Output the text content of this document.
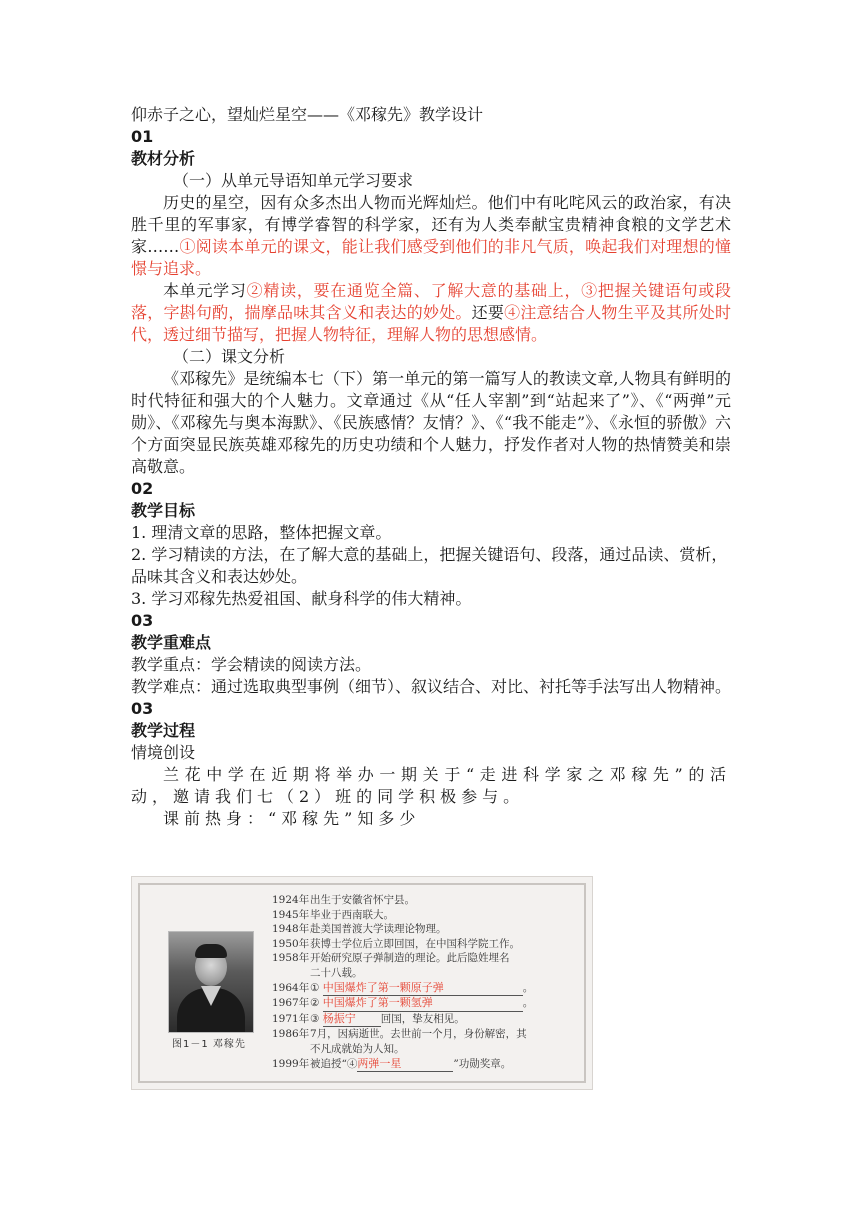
仰赤子之心，望灿烂星空——《邓稼先》教学设计
01
教材分析
（一）从单元导语知单元学习要求

历史的星空，因有众多杰出人物而光辉灿烂。他们中有叱咤风云的政治家，有决胜千里的军事家，有博学睿智的科学家，还有为人类奉献宝贵精神食粮的文学艺术家……①阅读本单元的课文，能让我们感受到他们的非凡气质，唤起我们对理想的憧憬与追求。

本单元学习②精读，要在通览全篇、了解大意的基础上，③把握关键语句或段落，字斟句酌，揣摩品味其含义和表达的妙处。还要④注意结合人物生平及其所处时代，透过细节描写，把握人物特征，理解人物的思想感情。

（二）课文分析

《邓稼先》是统编本七（下）第一单元的第一篇写人的教读文章,人物具有鲜明的时代特征和强大的个人魅力。文章通过《从“任人宰割”到“站起来了”》、《“两弹”元勋》、《邓稼先与奥本海默》、《民族感情？友情？》、《“我不能走”》、《永恒的骄傲》六个方面突显民族英雄邓稼先的历史功绩和个人魅力，抒发作者对人物的热情赞美和崇高敬意。

02
教学目标

1. 理清文章的思路，整体把握文章。

2. 学习精读的方法，在了解大意的基础上，把握关键语句、段落，通过品读、赏析，品味其含义和表达妙处。

3. 学习邓稼先热爱祖国、献身科学的伟大精神。

03
教学重难点

教学重点：学会精读的阅读方法。

教学难点：通过选取典型事例（细节）、叙议结合、对比、衬托等手法写出人物精神。

03
教学过程
情境创设

兰花中学在近期将举办一期关于“走进科学家之邓稼先”的活动，邀请我们七（2）班的同学积极参与。

课前热身：“邓稼先”知多少

图1－1 邓稼先
1924年 出生于安徽省怀宁县。
1945年 毕业于西南联大。
1948年 赴美国普渡大学读理论物理。
1950年 获博士学位后立即回国，在中国科学院工作。
1958年 开始研究原子弹制造的理论。此后隐姓埋名
二十八载。
1964年 ① 中国爆炸了第一颗原子弹	。
1967年 ② 中国爆炸了第一颗氢弹	。
1971年 ③ 杨振宁 回国，挚友相见。
1986年 7月，因病逝世。去世前一个月，身份解密，其
不凡成就始为人知。
1999年 被追授“④两弹一星	”功勋奖章。
